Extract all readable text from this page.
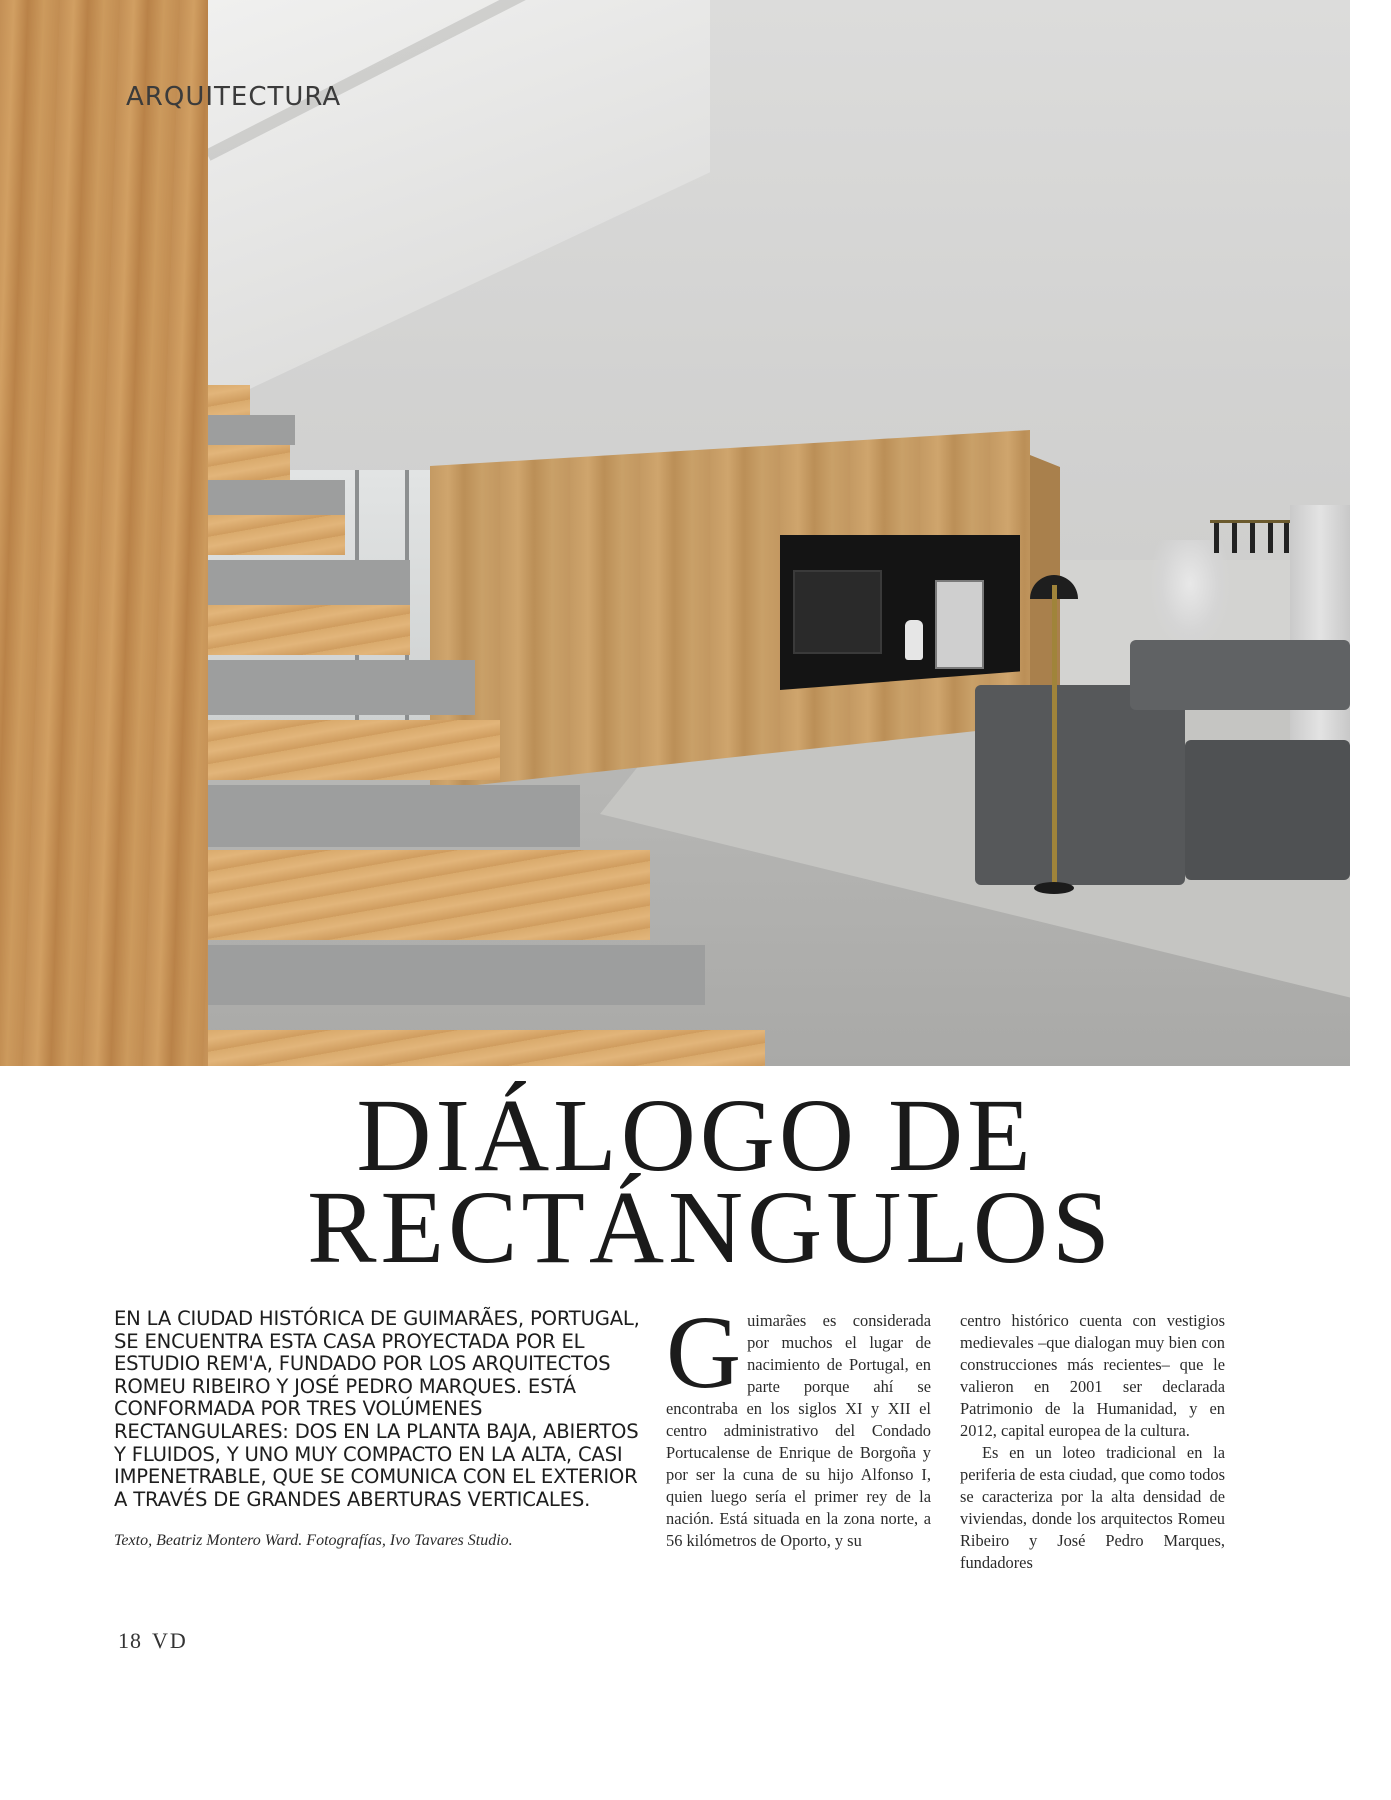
ARQUITECTURA
DIÁLOGO DE
RECTÁNGULOS
EN LA CIUDAD HISTÓRICA DE GUIMARÃES, PORTUGAL, SE ENCUENTRA ESTA CASA PROYECTADA POR EL ESTUDIO REM'A, FUNDADO POR LOS ARQUITECTOS ROMEU RIBEIRO Y JOSÉ PEDRO MARQUES. ESTÁ CONFORMADA POR TRES VOLÚMENES RECTANGULARES: DOS EN LA PLANTA BAJA, ABIERTOS Y FLUIDOS, Y UNO MUY COMPACTO EN LA ALTA, CASI IMPENETRABLE, QUE SE COMUNICA CON EL EXTERIOR A TRAVÉS DE GRANDES ABERTURAS VERTICALES.
Texto, Beatriz Montero Ward. Fotografías, Ivo Tavares Studio.

G uimarães es considerada por muchos el lugar de nacimiento de Portugal, en parte porque ahí se encontraba en los siglos XI y XII el centro administrativo del Condado Portucalense de Enrique de Borgoña y por ser la cuna de su hijo Alfonso I, quien luego sería el primer rey de la nación. Está situada en la zona norte, a 56 kilómetros de Oporto, y su

centro histórico cuenta con vestigios medievales –que dialogan muy bien con construcciones más recientes– que le valieron en 2001 ser declarada Patrimonio de la Humanidad, y en 2012, capital europea de la cultura.

Es en un loteo tradicional en la periferia de esta ciudad, que como todos se caracteriza por la alta densidad de viviendas, donde los arquitectos Romeu Ribeiro y José Pedro Marques, fundadores

18 VD
